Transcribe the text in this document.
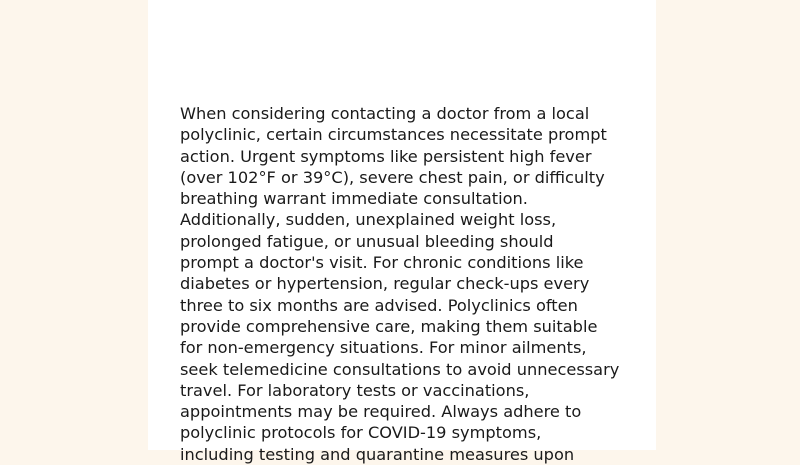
When considering contacting a doctor from a local
polyclinic, certain circumstances necessitate prompt
action. Urgent symptoms like persistent high fever
(over 102°F or 39°C), severe chest pain, or difficulty
breathing warrant immediate consultation.
Additionally, sudden, unexplained weight loss,
prolonged fatigue, or unusual bleeding should
prompt a doctor's visit. For chronic conditions like
diabetes or hypertension, regular check-ups every
three to six months are advised. Polyclinics often
provide comprehensive care, making them suitable
for non-emergency situations. For minor ailments,
seek telemedicine consultations to avoid unnecessary
travel. For laboratory tests or vaccinations,
appointments may be required. Always adhere to
polyclinic protocols for COVID-19 symptoms,
including testing and quarantine measures upon
